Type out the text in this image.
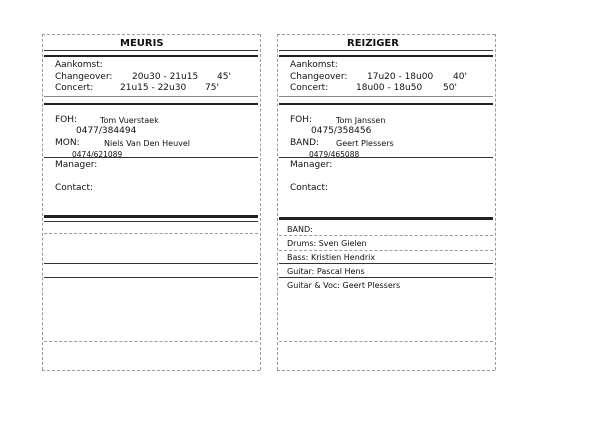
MEURIS
Aankomst:
Changeover: 20u30 - 21u15 45'
Concert:	21u15 - 22u30 75'
FOH:	Tom Vuerstaek
0477/384494
MON:	Niels Van Den Heuvel
0474/621089
Manager:
Contact:
REIZIGER
Aankomst:
Changeover: 17u20 - 18u00 40'
Concert:	18u00 - 18u50 50'
FOH:	Tom Janssen
0475/358456
BAND: Geert Plessers
0479/465088
Manager:
Contact:
BAND:
Drums: Sven Gielen
Bass: Kristien Hendrix
Guitar: Pascal Hens
Guitar & Voc: Geert Plessers
